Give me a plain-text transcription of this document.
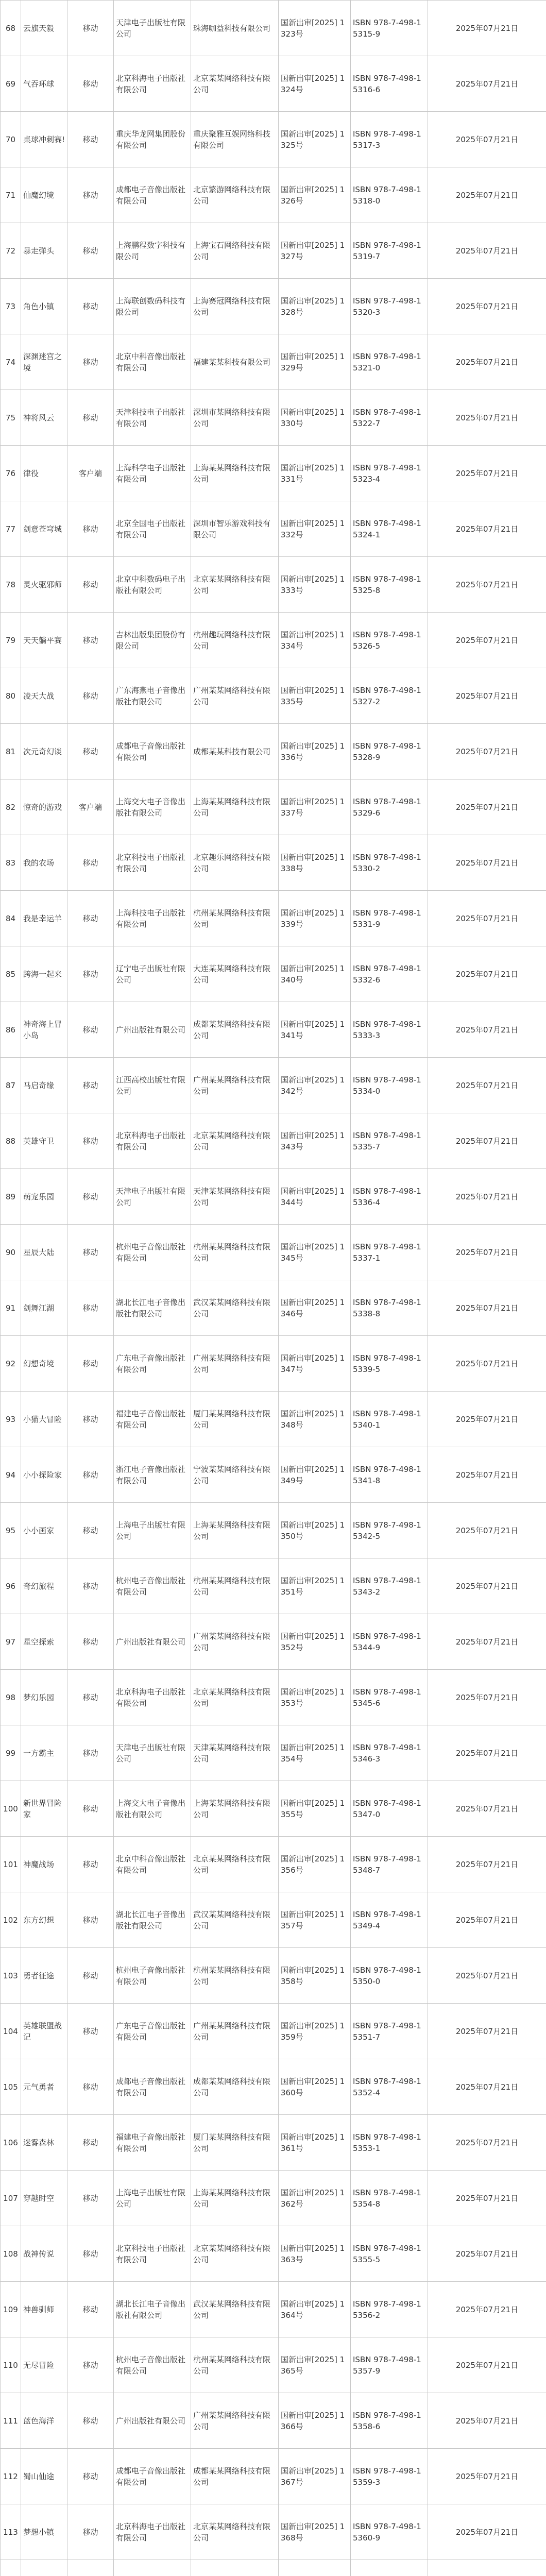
68	云旗天毅	移动	天津电子出版社有限公司	珠海咖益科技有限公司	国新出审[2025] 1323号	ISBN 978-7-498-15315-9	2025年07月21日
69	气吞环球	移动	北京科海电子出版社有限公司	北京某某网络科技有限公司	国新出审[2025] 1324号	ISBN 978-7-498-15316-6	2025年07月21日
70	桌球冲刺赛!	移动	重庆华龙网集团股份有限公司	重庆聚雅互娱网络科技有限公司	国新出审[2025] 1325号	ISBN 978-7-498-15317-3	2025年07月21日
71	仙魔幻境	移动	成都电子音像出版社有限公司	北京繁游网络科技有限公司	国新出审[2025] 1326号	ISBN 978-7-498-15318-0	2025年07月21日
72	暴走弹头	移动	上海鹏程数字科技有限公司	上海宝石网络科技有限公司	国新出审[2025] 1327号	ISBN 978-7-498-15319-7	2025年07月21日
73	角色小镇	移动	上海联创数码科技有限公司	上海赛冠网络科技有限公司	国新出审[2025] 1328号	ISBN 978-7-498-15320-3	2025年07月21日
74	深渊迷宫之境	移动	北京中科音像出版社有限公司	福建某某科技有限公司	国新出审[2025] 1329号	ISBN 978-7-498-15321-0	2025年07月21日
75	神将风云	移动	天津科技电子出版社有限公司	深圳市某网络科技有限公司	国新出审[2025] 1330号	ISBN 978-7-498-15322-7	2025年07月21日
76	律役	客户端	上海科学电子出版社有限公司	上海某某网络科技有限公司	国新出审[2025] 1331号	ISBN 978-7-498-15323-4	2025年07月21日
77	剑意苍穹城	移动	北京全国电子出版社有限公司	深圳市智乐游戏科技有限公司	国新出审[2025] 1332号	ISBN 978-7-498-15324-1	2025年07月21日
78	灵火驱邪师	移动	北京中科数码电子出版社有限公司	北京某某网络科技有限公司	国新出审[2025] 1333号	ISBN 978-7-498-15325-8	2025年07月21日
79	天天躺平赛	移动	吉林出版集团股份有限公司	杭州趣玩网络科技有限公司	国新出审[2025] 1334号	ISBN 978-7-498-15326-5	2025年07月21日
80	凌天大战	移动	广东海燕电子音像出版社有限公司	广州某某网络科技有限公司	国新出审[2025] 1335号	ISBN 978-7-498-15327-2	2025年07月21日
81	次元奇幻谈	移动	成都电子音像出版社有限公司	成都某某科技有限公司	国新出审[2025] 1336号	ISBN 978-7-498-15328-9	2025年07月21日
82	惊奇的游戏	客户端	上海交大电子音像出版社有限公司	上海某某网络科技有限公司	国新出审[2025] 1337号	ISBN 978-7-498-15329-6	2025年07月21日
83	我的农场	移动	北京科技电子出版社有限公司	北京趣乐网络科技有限公司	国新出审[2025] 1338号	ISBN 978-7-498-15330-2	2025年07月21日
84	我是幸运羊	移动	上海科技电子出版社有限公司	杭州某某网络科技有限公司	国新出审[2025] 1339号	ISBN 978-7-498-15331-9	2025年07月21日
85	跨海一起来	移动	辽宁电子出版社有限公司	大连某某网络科技有限公司	国新出审[2025] 1340号	ISBN 978-7-498-15332-6	2025年07月21日
86	神奇海上冒小岛	移动	广州出版社有限公司	成都某某网络科技有限公司	国新出审[2025] 1341号	ISBN 978-7-498-15333-3	2025年07月21日
87	马启奇缘	移动	江西高校出版社有限公司	广州某某网络科技有限公司	国新出审[2025] 1342号	ISBN 978-7-498-15334-0	2025年07月21日
88	英雄守卫	移动	北京科海电子出版社有限公司	北京某某网络科技有限公司	国新出审[2025] 1343号	ISBN 978-7-498-15335-7	2025年07月21日
89	萌宠乐园	移动	天津电子出版社有限公司	天津某某网络科技有限公司	国新出审[2025] 1344号	ISBN 978-7-498-15336-4	2025年07月21日
90	星辰大陆	移动	杭州电子音像出版社有限公司	杭州某某网络科技有限公司	国新出审[2025] 1345号	ISBN 978-7-498-15337-1	2025年07月21日
91	剑舞江湖	移动	湖北长江电子音像出版社有限公司	武汉某某网络科技有限公司	国新出审[2025] 1346号	ISBN 978-7-498-15338-8	2025年07月21日
92	幻想奇境	移动	广东电子音像出版社有限公司	广州某某网络科技有限公司	国新出审[2025] 1347号	ISBN 978-7-498-15339-5	2025年07月21日
93	小猫大冒险	移动	福建电子音像出版社有限公司	厦门某某网络科技有限公司	国新出审[2025] 1348号	ISBN 978-7-498-15340-1	2025年07月21日
94	小小探险家	移动	浙江电子音像出版社有限公司	宁波某某网络科技有限公司	国新出审[2025] 1349号	ISBN 978-7-498-15341-8	2025年07月21日
95	小小画家	移动	上海电子出版社有限公司	上海某某网络科技有限公司	国新出审[2025] 1350号	ISBN 978-7-498-15342-5	2025年07月21日
96	奇幻旅程	移动	杭州电子音像出版社有限公司	杭州某某网络科技有限公司	国新出审[2025] 1351号	ISBN 978-7-498-15343-2	2025年07月21日
97	星空探索	移动	广州出版社有限公司	广州某某网络科技有限公司	国新出审[2025] 1352号	ISBN 978-7-498-15344-9	2025年07月21日
98	梦幻乐园	移动	北京科海电子出版社有限公司	北京某某网络科技有限公司	国新出审[2025] 1353号	ISBN 978-7-498-15345-6	2025年07月21日
99	一方霸主	移动	天津电子出版社有限公司	天津某某网络科技有限公司	国新出审[2025] 1354号	ISBN 978-7-498-15346-3	2025年07月21日
100	新世界冒险家	移动	上海交大电子音像出版社有限公司	上海某某网络科技有限公司	国新出审[2025] 1355号	ISBN 978-7-498-15347-0	2025年07月21日
101	神魔战场	移动	北京中科音像出版社有限公司	北京某某网络科技有限公司	国新出审[2025] 1356号	ISBN 978-7-498-15348-7	2025年07月21日
102	东方幻想	移动	湖北长江电子音像出版社有限公司	武汉某某网络科技有限公司	国新出审[2025] 1357号	ISBN 978-7-498-15349-4	2025年07月21日
103	勇者征途	移动	杭州电子音像出版社有限公司	杭州某某网络科技有限公司	国新出审[2025] 1358号	ISBN 978-7-498-15350-0	2025年07月21日
104	英雄联盟战记	移动	广东电子音像出版社有限公司	广州某某网络科技有限公司	国新出审[2025] 1359号	ISBN 978-7-498-15351-7	2025年07月21日
105	元气勇者	移动	成都电子音像出版社有限公司	成都某某网络科技有限公司	国新出审[2025] 1360号	ISBN 978-7-498-15352-4	2025年07月21日
106	迷雾森林	移动	福建电子音像出版社有限公司	厦门某某网络科技有限公司	国新出审[2025] 1361号	ISBN 978-7-498-15353-1	2025年07月21日
107	穿越时空	移动	上海电子出版社有限公司	上海某某网络科技有限公司	国新出审[2025] 1362号	ISBN 978-7-498-15354-8	2025年07月21日
108	战神传说	移动	北京科技电子出版社有限公司	北京某某网络科技有限公司	国新出审[2025] 1363号	ISBN 978-7-498-15355-5	2025年07月21日
109	神兽驯师	移动	湖北长江电子音像出版社有限公司	武汉某某网络科技有限公司	国新出审[2025] 1364号	ISBN 978-7-498-15356-2	2025年07月21日
110	无尽冒险	移动	杭州电子音像出版社有限公司	杭州某某网络科技有限公司	国新出审[2025] 1365号	ISBN 978-7-498-15357-9	2025年07月21日
111	蓝色海洋	移动	广州出版社有限公司	广州某某网络科技有限公司	国新出审[2025] 1366号	ISBN 978-7-498-15358-6	2025年07月21日
112	蜀山仙途	移动	成都电子音像出版社有限公司	成都某某网络科技有限公司	国新出审[2025] 1367号	ISBN 978-7-498-15359-3	2025年07月21日
113	梦想小镇	移动	北京科海电子出版社有限公司	北京某某网络科技有限公司	国新出审[2025] 1368号	ISBN 978-7-498-15360-9	2025年07月21日
